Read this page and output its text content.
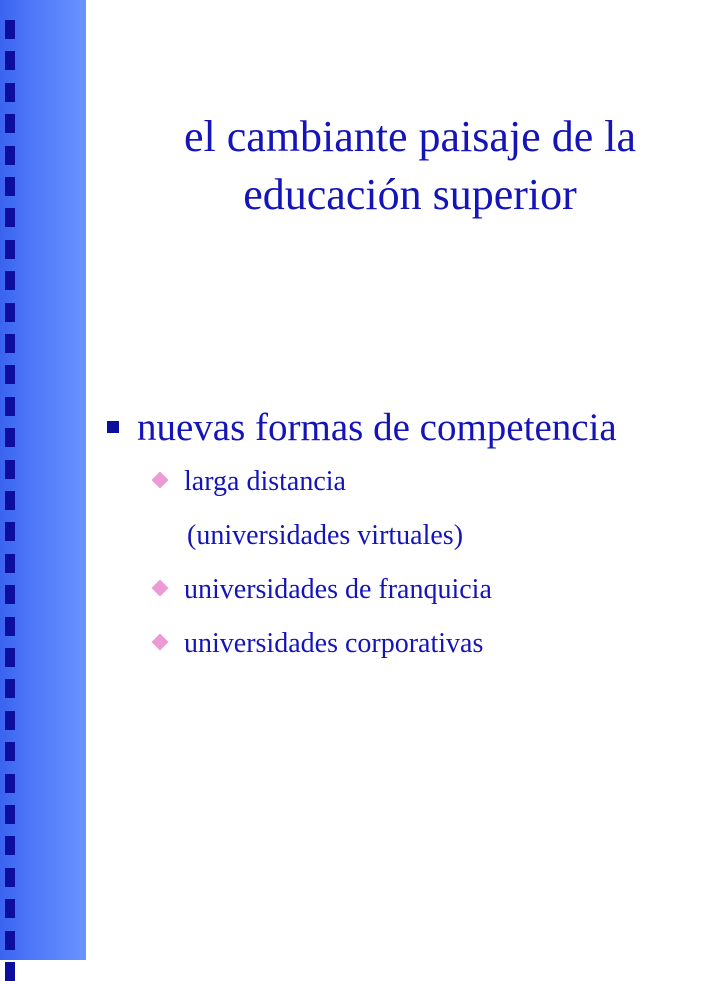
el cambiante paisaje de la
educación superior
nuevas formas de competencia
larga distancia
(universidades virtuales)
universidades de franquicia
universidades corporativas
